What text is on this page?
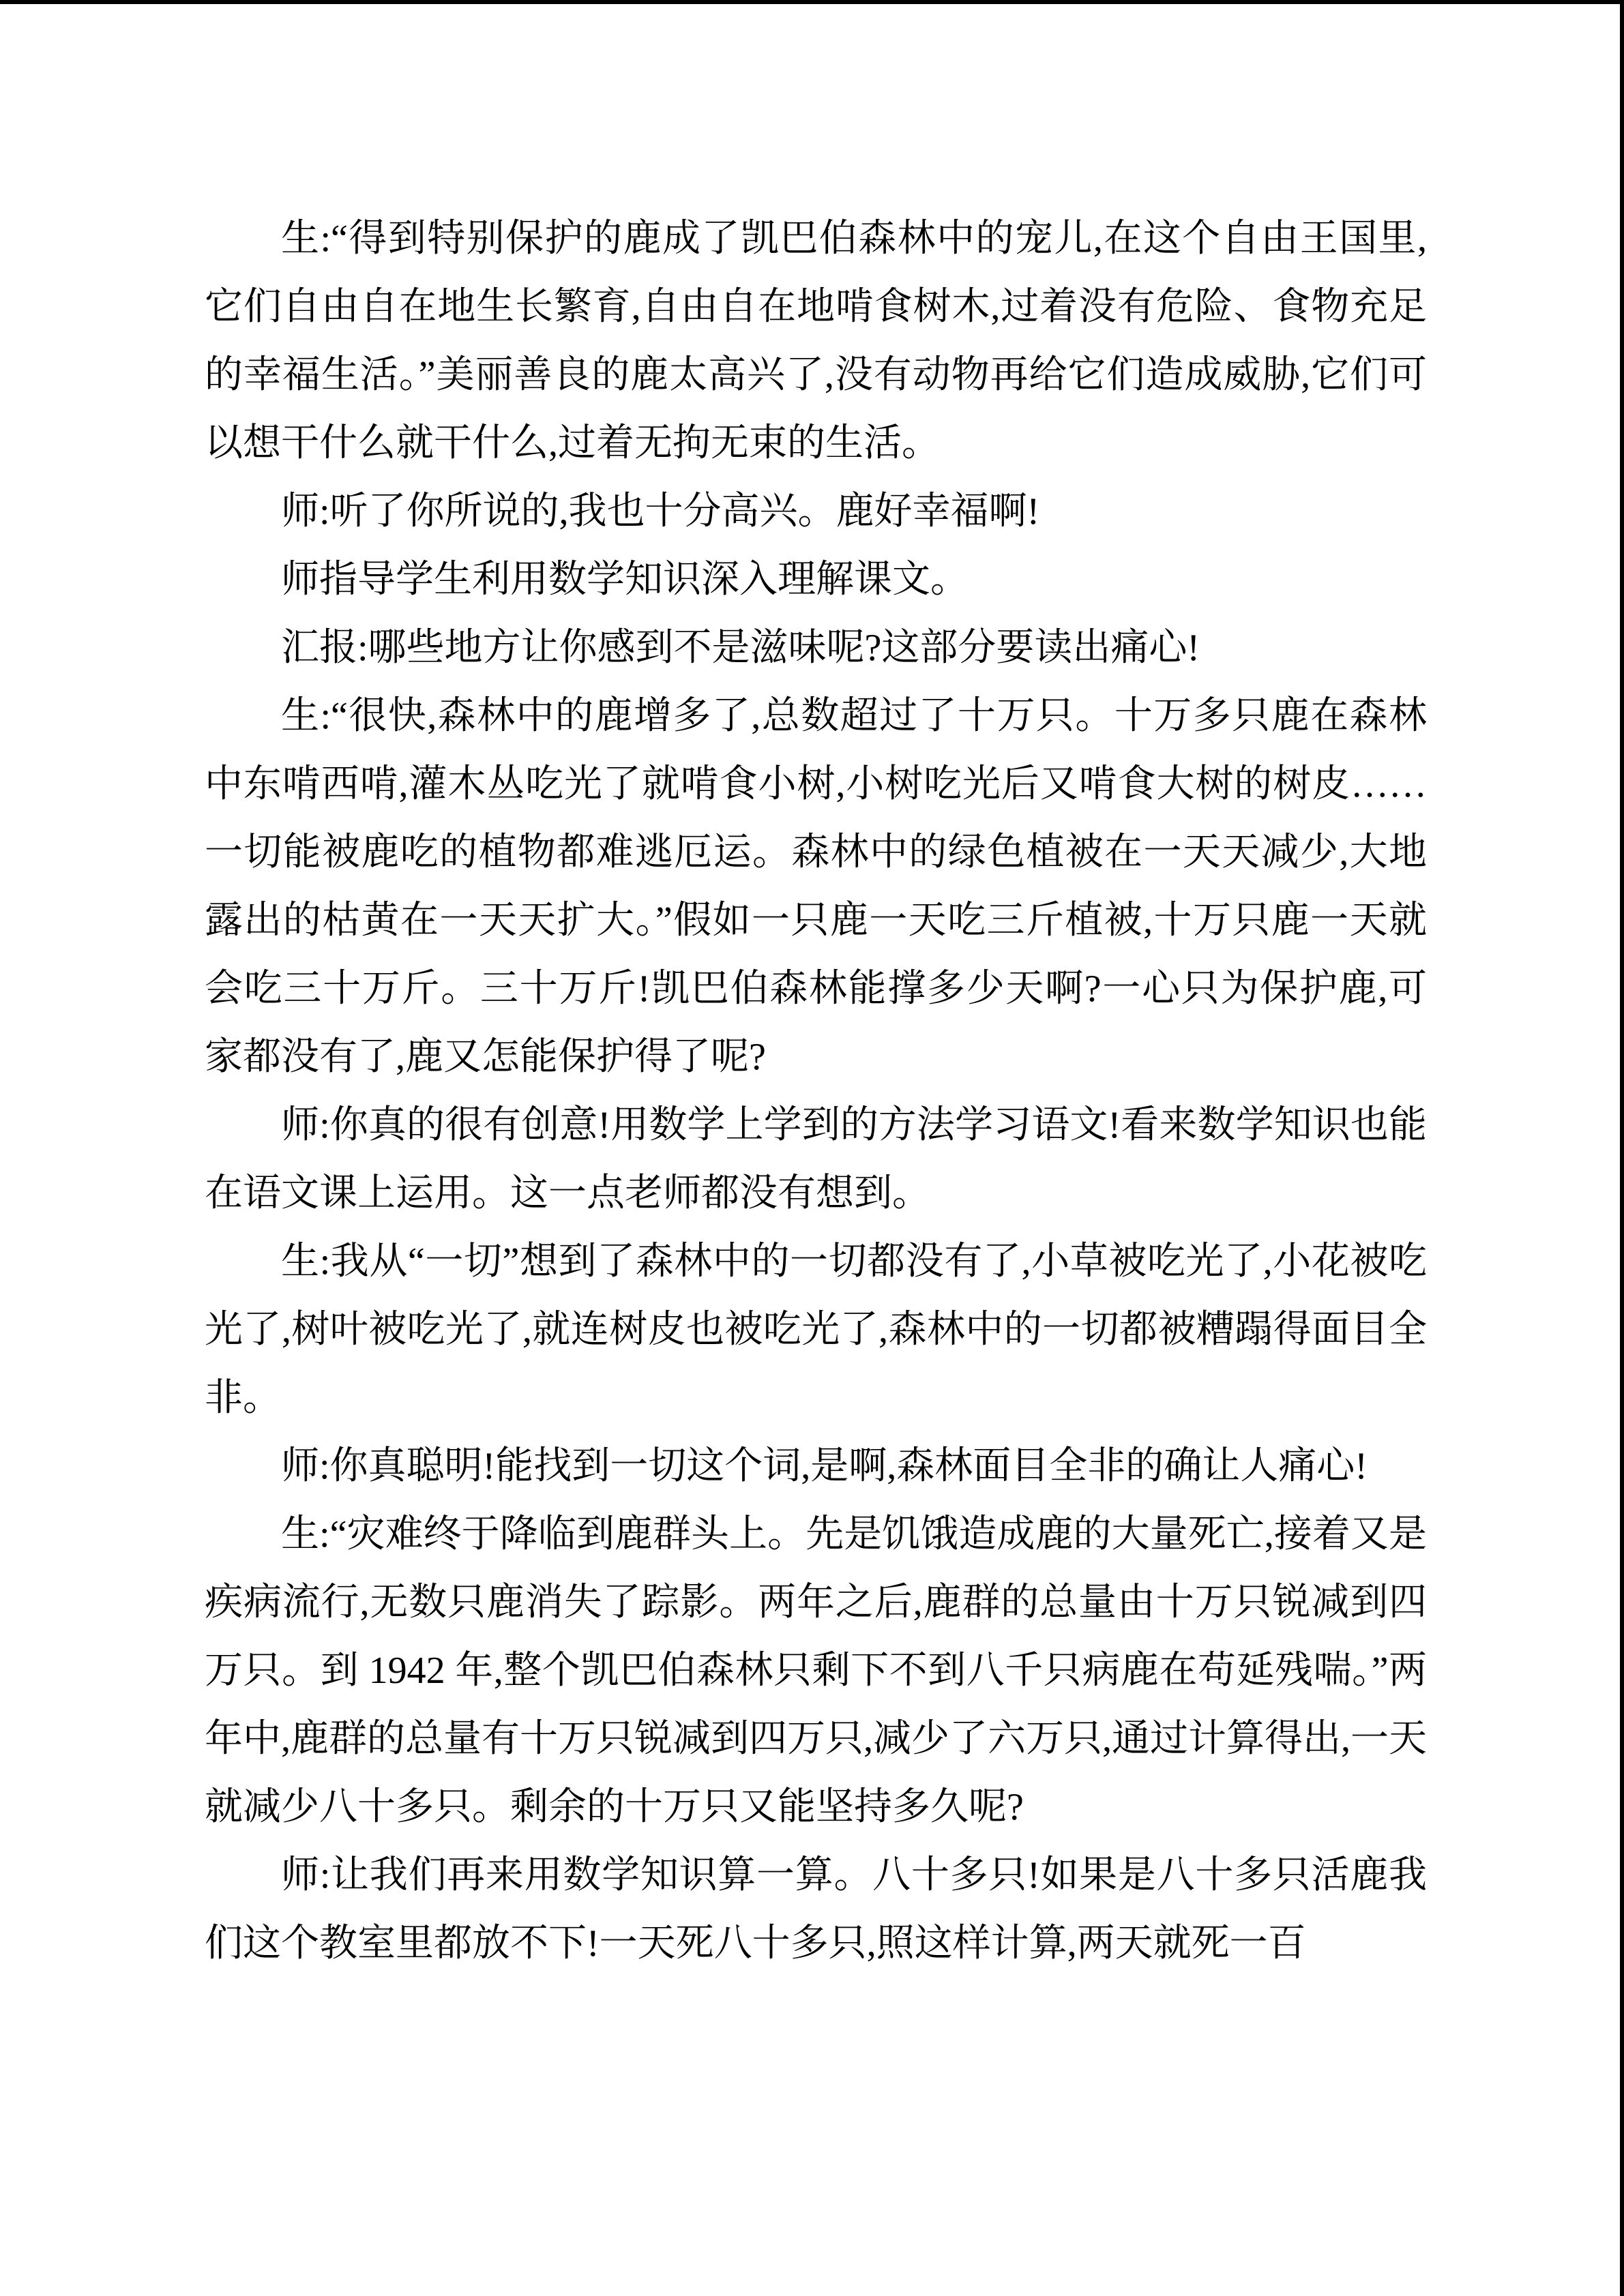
生:“得到特别保护的鹿成了凯巴伯森林中的宠儿,在这个自由王国里,它们自由自在地生长繁育,自由自在地啃食树木,过着没有危险、食物充足的幸福生活。”美丽善良的鹿太高兴了,没有动物再给它们造成威胁,它们可以想干什么就干什么,过着无拘无束的生活。

师:听了你所说的,我也十分高兴。鹿好幸福啊!

师指导学生利用数学知识深入理解课文。

汇报:哪些地方让你感到不是滋味呢?这部分要读出痛心!

生:“很快,森林中的鹿增多了,总数超过了十万只。十万多只鹿在森林中东啃西啃,灌木丛吃光了就啃食小树,小树吃光后又啃食大树的树皮……一切能被鹿吃的植物都难逃厄运。森林中的绿色植被在一天天减少,大地露出的枯黄在一天天扩大。”假如一只鹿一天吃三斤植被,十万只鹿一天就会吃三十万斤。三十万斤!凯巴伯森林能撑多少天啊?一心只为保护鹿,可家都没有了,鹿又怎能保护得了呢?

师:你真的很有创意!用数学上学到的方法学习语文!看来数学知识也能在语文课上运用。这一点老师都没有想到。

生:我从“一切”想到了森林中的一切都没有了,小草被吃光了,小花被吃光了,树叶被吃光了,就连树皮也被吃光了,森林中的一切都被糟蹋得面目全非。

师:你真聪明!能找到一切这个词,是啊,森林面目全非的确让人痛心!

生:“灾难终于降临到鹿群头上。先是饥饿造成鹿的大量死亡,接着又是疾病流行,无数只鹿消失了踪影。两年之后,鹿群的总量由十万只锐减到四万只。到 1942 年,整个凯巴伯森林只剩下不到八千只病鹿在苟延残喘。”两年中,鹿群的总量有十万只锐减到四万只,减少了六万只,通过计算得出,一天就减少八十多只。剩余的十万只又能坚持多久呢?

师:让我们再来用数学知识算一算。八十多只!如果是八十多只活鹿我们这个教室里都放不下!一天死八十多只,照这样计算,两天就死一百
